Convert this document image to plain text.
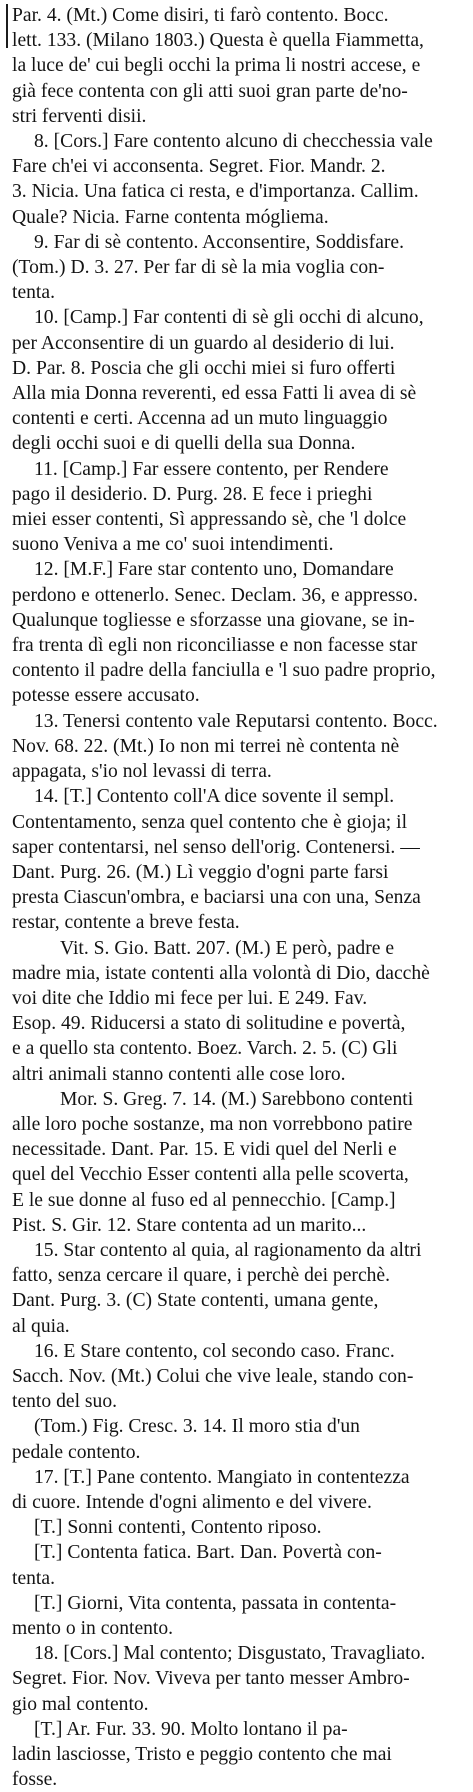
Par. 4. (Mt.) Come disiri, ti farò contento. Bocc.
lett. 133. (Milano 1803.) Questa è quella Fiammetta,
la luce de' cui begli occhi la prima li nostri accese, e
già fece contenta con gli atti suoi gran parte de'no-
stri ferventi disii.
8. [Cors.] Fare contento alcuno di checchessia vale
Fare ch'ei vi acconsenta. Segret. Fior. Mandr. 2.
3. Nicia. Una fatica ci resta, e d'importanza. Callim.
Quale? Nicia. Farne contenta mógliema.
9. Far di sè contento. Acconsentire, Soddisfare.
(Tom.) D. 3. 27. Per far di sè la mia voglia con-
tenta.
10. [Camp.] Far contenti di sè gli occhi di alcuno,
per Acconsentire di un guardo al desiderio di lui.
D. Par. 8. Poscia che gli occhi miei si furo offerti
Alla mia Donna reverenti, ed essa Fatti li avea di sè
contenti e certi. Accenna ad un muto linguaggio
degli occhi suoi e di quelli della sua Donna.
11. [Camp.] Far essere contento, per Rendere
pago il desiderio. D. Purg. 28. E fece i prieghi
miei esser contenti, Sì appressando sè, che 'l dolce
suono Veniva a me co' suoi intendimenti.
12. [M.F.] Fare star contento uno, Domandare
perdono e ottenerlo. Senec. Declam. 36, e appresso.
Qualunque togliesse e sforzasse una giovane, se in-
fra trenta dì egli non riconciliasse e non facesse star
contento il padre della fanciulla e 'l suo padre proprio,
potesse essere accusato.
13. Tenersi contento vale Reputarsi contento. Bocc.
Nov. 68. 22. (Mt.) Io non mi terrei nè contenta nè
appagata, s'io nol levassi di terra.
14. [T.] Contento coll'A dice sovente il sempl.
Contentamento, senza quel contento che è gioja; il
saper contentarsi, nel senso dell'orig. Contenersi. —
Dant. Purg. 26. (M.) Lì veggio d'ogni parte farsi
presta Ciascun'ombra, e baciarsi una con una, Senza
restar, contente a breve festa.
Vit. S. Gio. Batt. 207. (M.) E però, padre e
madre mia, istate contenti alla volontà di Dio, dacchè
voi dite che Iddio mi fece per lui. E 249. Fav.
Esop. 49. Riducersi a stato di solitudine e povertà,
e a quello sta contento. Boez. Varch. 2. 5. (C) Gli
altri animali stanno contenti alle cose loro.
Mor. S. Greg. 7. 14. (M.) Sarebbono contenti
alle loro poche sostanze, ma non vorrebbono patire
necessitade. Dant. Par. 15. E vidi quel del Nerli e
quel del Vecchio Esser contenti alla pelle scoverta,
E le sue donne al fuso ed al pennecchio. [Camp.]
Pist. S. Gir. 12. Stare contenta ad un marito...
15. Star contento al quia, al ragionamento da altri
fatto, senza cercare il quare, i perchè dei perchè.
Dant. Purg. 3. (C) State contenti, umana gente,
al quia.
16. E Stare contento, col secondo caso. Franc.
Sacch. Nov. (Mt.) Colui che vive leale, stando con-
tento del suo.
(Tom.) Fig. Cresc. 3. 14. Il moro stia d'un
pedale contento.
17. [T.] Pane contento. Mangiato in contentezza
di cuore. Intende d'ogni alimento e del vivere.
[T.] Sonni contenti, Contento riposo.
[T.] Contenta fatica. Bart. Dan. Povertà con-
tenta.
[T.] Giorni, Vita contenta, passata in contenta-
mento o in contento.
18. [Cors.] Mal contento; Disgustato, Travagliato.
Segret. Fior. Nov. Viveva per tanto messer Ambro-
gio mal contento.
[T.] Ar. Fur. 33. 90. Molto lontano il pa-
ladin lasciosse, Tristo e peggio contento che mai
fosse.
